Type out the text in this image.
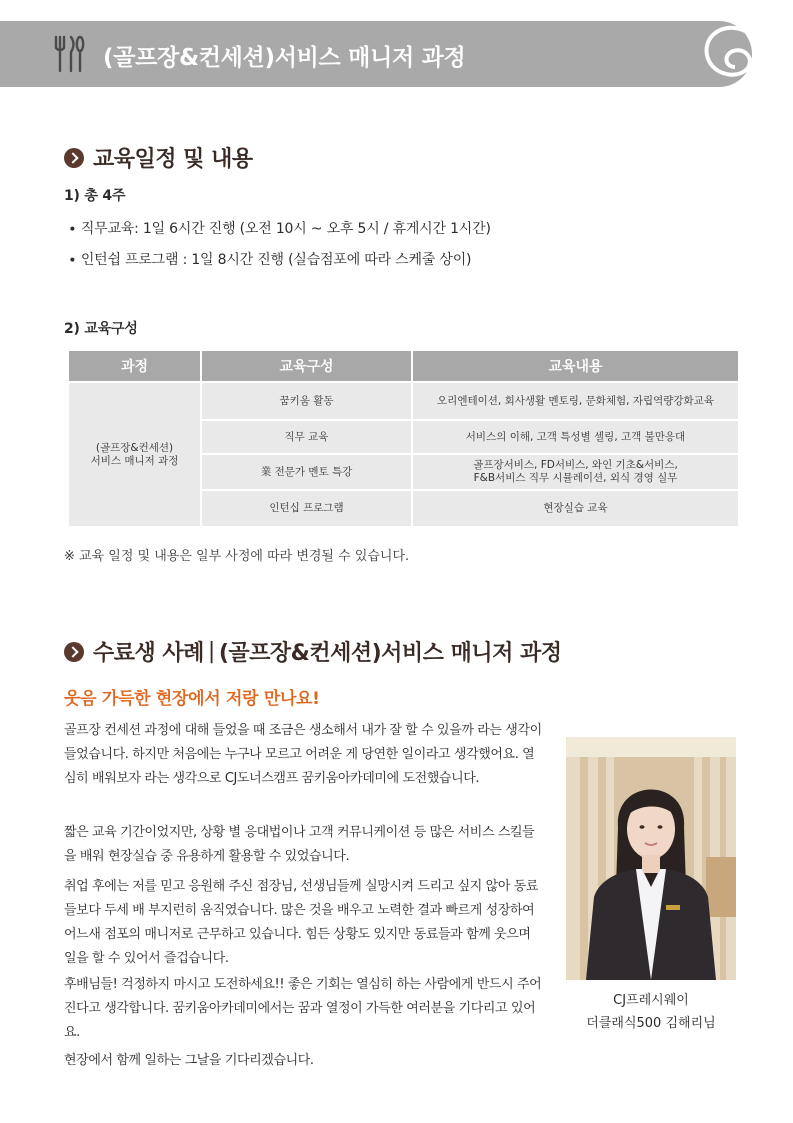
(골프장&컨세션)서비스 매니저 과정
교육일정 및 내용
1) 총 4주
∙ 직무교육: 1일 6시간 진행 (오전 10시 ~ 오후 5시 / 휴게시간 1시간)
∙ 인턴쉽 프로그램 : 1일 8시간 진행 (실습점포에 따라 스케줄 상이)
2) 교육구성
과정	교육구성	교육내용

(골프장&컨세션)
서비스 매니저 과정	꿈키움 활동	오리엔테이션, 회사생활 멘토링, 문화체험, 자립역량강화교육
	직무 교육	서비스의 이해, 고객 특성별 셀링, 고객 불만응대
	業 전문가 멘토 특강	골프장서비스, FD서비스, 와인 기초&서비스,
F&B서비스 직무 시뮬레이션, 외식 경영 실무

	인턴십 프로그램	현장실습 교육
※ 교육 일정 및 내용은 일부 사정에 따라 변경될 수 있습니다.
수료생 사례 | (골프장&컨세션)서비스 매니저 과정
웃음 가득한 현장에서 저랑 만나요!
골프장 컨세션 과정에 대해 들었을 때 조금은 생소해서 내가 잘 할 수 있을까 라는 생각이 들었습니다. 하지만 처음에는 누구나 모르고 어려운 게 당연한 일이라고 생각했어요. 열심히 배워보자 라는 생각으로 CJ도너스캠프 꿈키움아카데미에 도전했습니다.
짧은 교육 기간이었지만, 상황 별 응대법이나 고객 커뮤니케이션 등 많은 서비스 스킬들을 배워 현장실습 중 유용하게 활용할 수 있었습니다.
취업 후에는 저를 믿고 응원해 주신 점장님, 선생님들께 실망시켜 드리고 싶지 않아 동료들보다 두세 배 부지런히 움직였습니다. 많은 것을 배우고 노력한 결과 빠르게 성장하여 어느새 점포의 매니저로 근무하고 있습니다. 힘든 상황도 있지만 동료들과 함께 웃으며 일을 할 수 있어서 즐겁습니다.
후배님들! 걱정하지 마시고 도전하세요!! 좋은 기회는 열심히 하는 사람에게 반드시 주어진다고 생각합니다. 꿈키움아카데미에서는 꿈과 열정이 가득한 여러분을 기다리고 있어요.
현장에서 함께 일하는 그날을 기다리겠습니다.
CJ프레시웨이
더클래식500 김해리님
